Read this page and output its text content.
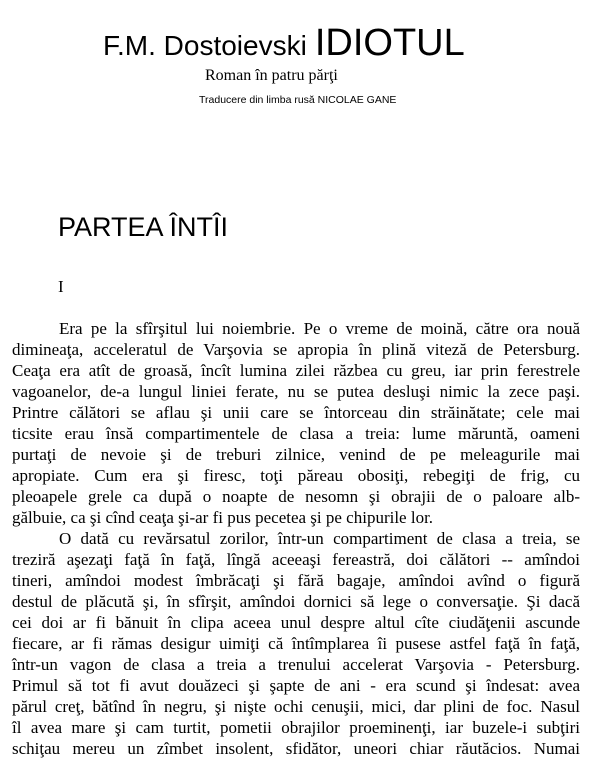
F.M. Dostoievski IDIOTUL
Roman în patru părţi
Traducere din limba rusă NICOLAE GANE
PARTEA ÎNTÎI
I
Era pe la sfîrşitul lui noiembrie. Pe o vreme de moină, către ora nouă
dimineaţa, acceleratul de Varşovia se apropia în plină viteză de Petersburg.
Ceaţa era atît de groasă, încît lumina zilei răzbea cu greu, iar prin ferestrele
vagoanelor, de-a lungul liniei ferate, nu se putea desluşi nimic la zece paşi.
Printre călători se aflau şi unii care se întorceau din străinătate; cele mai
ticsite erau însă compartimentele de clasa a treia: lume măruntă, oameni
purtaţi de nevoie şi de treburi zilnice, venind de pe meleagurile mai
apropiate. Cum era şi firesc, toţi păreau obosiţi, rebegiţi de frig, cu
pleoapele grele ca după o noapte de nesomn şi obrajii de o paloare alb-
gălbuie, ca şi cînd ceaţa şi-ar fi pus pecetea şi pe chipurile lor.
O dată cu revărsatul zorilor, într-un compartiment de clasa a treia, se
treziră aşezaţi faţă în faţă, lîngă aceeaşi fereastră, doi călători -- amîndoi
tineri, amîndoi modest îmbrăcaţi şi fără bagaje, amîndoi avînd o figură
destul de plăcută şi, în sfîrşit, amîndoi dornici să lege o conversaţie. Şi dacă
cei doi ar fi bănuit în clipa aceea unul despre altul cîte ciudăţenii ascunde
fiecare, ar fi rămas desigur uimiţi că întîmplarea îi pusese astfel faţă în faţă,
într-un vagon de clasa a treia a trenului accelerat Varşovia - Petersburg.
Primul să tot fi avut douăzeci şi şapte de ani - era scund şi îndesat: avea
părul creţ, bătînd în negru, şi nişte ochi cenuşii, mici, dar plini de foc. Nasul
îl avea mare şi cam turtit, pometii obrajilor proeminenţi, iar buzele-i subţiri
schiţau mereu un zîmbet insolent, sfidător, uneori chiar răutăcios. Numai
